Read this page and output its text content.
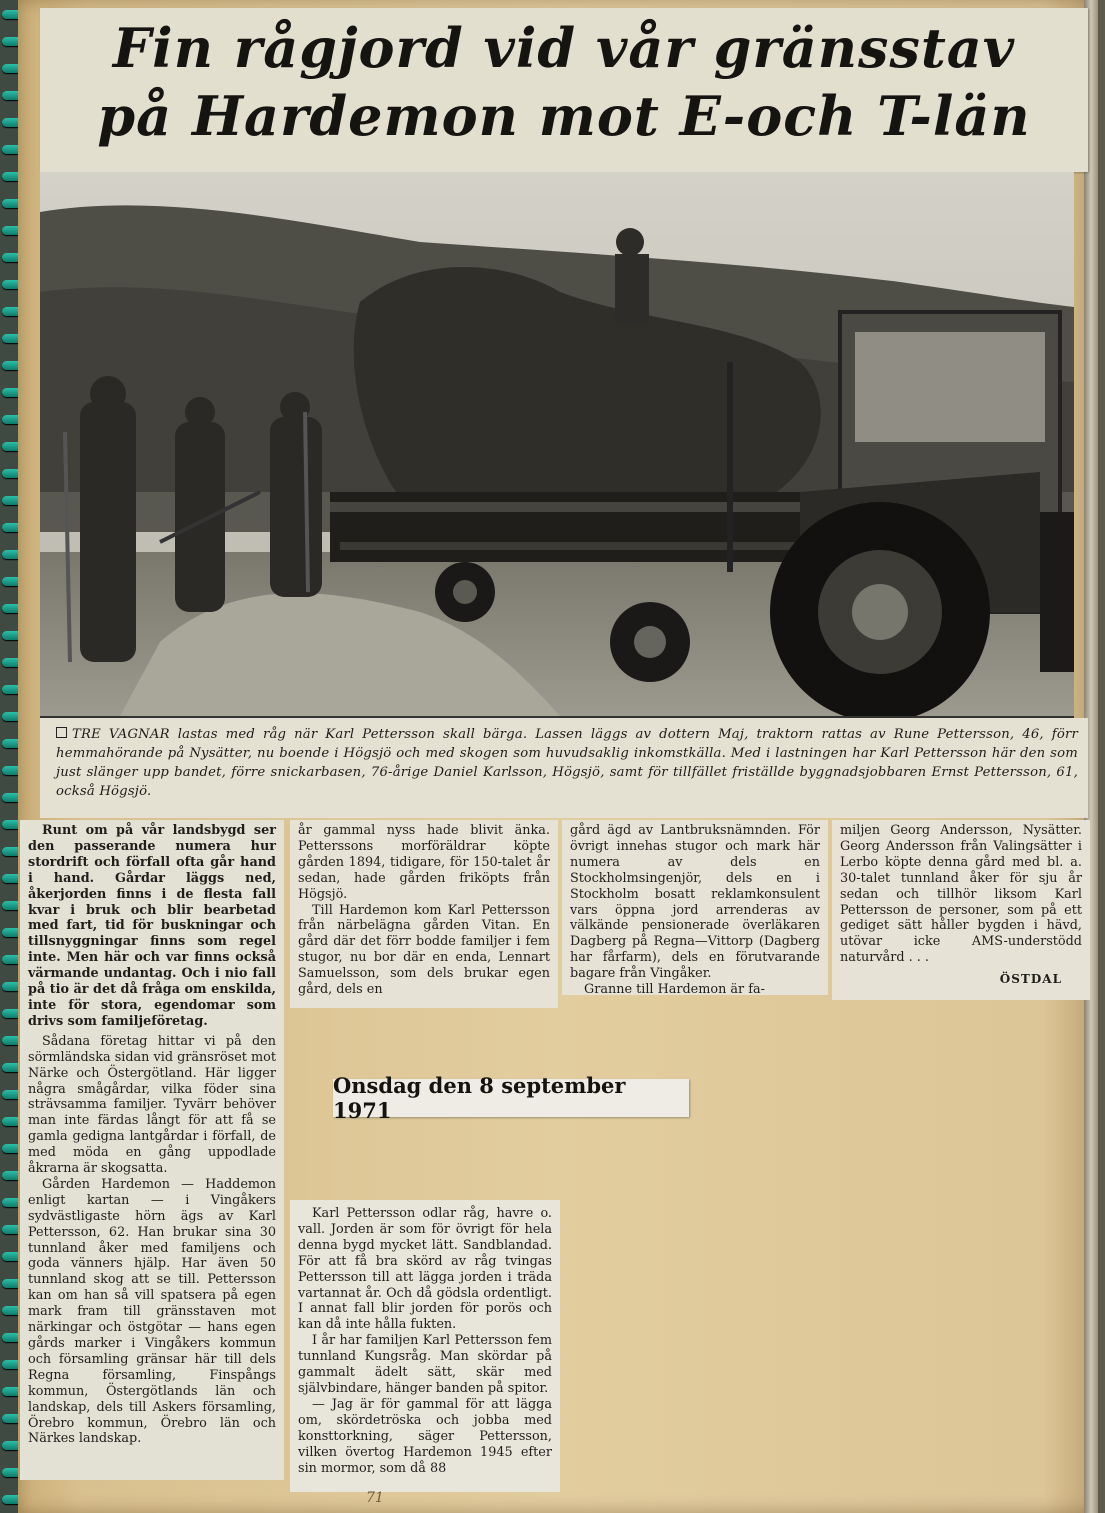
Fin rågjord vid vår gränsstav
på Hardemon mot E-och T-län

TRE VAGNAR lastas med råg när Karl Pettersson skall bärga. Lassen läggs av dottern Maj, traktorn rattas av Rune Pettersson, 46, förr hemmahörande på Nysätter, nu boende i Högsjö och med skogen som huvudsaklig inkomstkälla. Med i lastningen har Karl Pettersson här den som just slänger upp bandet, förre snickarbasen, 76-årige Daniel Karlsson, Högsjö, samt för tillfället friställde byggnadsjobbaren Ernst Pettersson, 61, också Högsjö.

Runt om på vår landsbygd ser den passerande numera hur stordrift och förfall ofta går hand i hand. Gårdar läggs ned, åkerjorden finns i de flesta fall kvar i bruk och blir bearbetad med fart, tid för buskningar och tillsnyggningar finns som regel inte. Men här och var finns också värmande undantag. Och i nio fall på tio är det då fråga om enskilda, inte för stora, egendomar som drivs som familjeföretag.

Sådana företag hittar vi på den sörmländska sidan vid gränsröset mot Närke och Östergötland. Här ligger några smågårdar, vilka föder sina strävsamma familjer. Tyvärr behöver man inte färdas långt för att få se gamla gedigna lantgårdar i förfall, de med möda en gång uppodlade åkrarna är skogsatta.

Gården Hardemon — Haddemon enligt kartan — i Vingåkers sydvästligaste hörn ägs av Karl Pettersson, 62. Han brukar sina 30 tunnland åker med familjens och goda vänners hjälp. Har även 50 tunnland skog att se till. Pettersson kan om han så vill spatsera på egen mark fram till gränsstaven mot närkingar och östgötar — hans egen gårds marker i Vingåkers kommun och församling gränsar här till dels Regna församling, Finspångs kommun, Östergötlands län och landskap, dels till Askers församling, Örebro kommun, Örebro län och Närkes landskap.

år gammal nyss hade blivit änka. Petterssons morföräldrar köpte gården 1894, tidigare, för 150-talet år sedan, hade gården friköpts från Högsjö.

Till Hardemon kom Karl Pettersson från närbelägna gården Vitan. En gård där det förr bodde familjer i fem stugor, nu bor där en enda, Lennart Samuelsson, som dels brukar egen gård, dels en

gård ägd av Lantbruksnämnden. För övrigt innehas stugor och mark här numera av dels en Stockholmsingenjör, dels en i Stockholm bosatt reklamkonsulent vars öppna jord arrenderas av välkände pensionerade överläkaren Dagberg på Regna—Vittorp (Dagberg har fårfarm), dels en förutvarande bagare från Vingåker.

Granne till Hardemon är fa-

miljen Georg Andersson, Nysätter. Georg Andersson från Valingsätter i Lerbo köpte denna gård med bl. a. 30-talet tunnland åker för sju år sedan och tillhör liksom Karl Pettersson de personer, som på ett gediget sätt håller bygden i hävd, utövar icke AMS-understödd naturvård . . .

ÖSTDAL
Onsdag den 8 september 1971

Karl Pettersson odlar råg, havre o. vall. Jorden är som för övrigt för hela denna bygd mycket lätt. Sandblandad. För att få bra skörd av råg tvingas Pettersson till att lägga jorden i träda vartannat år. Och då gödsla ordentligt. I annat fall blir jorden för porös och kan då inte hålla fukten.

I år har familjen Karl Pettersson fem tunnland Kungsråg. Man skördar på gammalt ädelt sätt, skär med självbindare, hänger banden på spitor.

— Jag är för gammal för att lägga om, skördetröska och jobba med konsttorkning, säger Pettersson, vilken övertog Hardemon 1945 efter sin mormor, som då 88

71
